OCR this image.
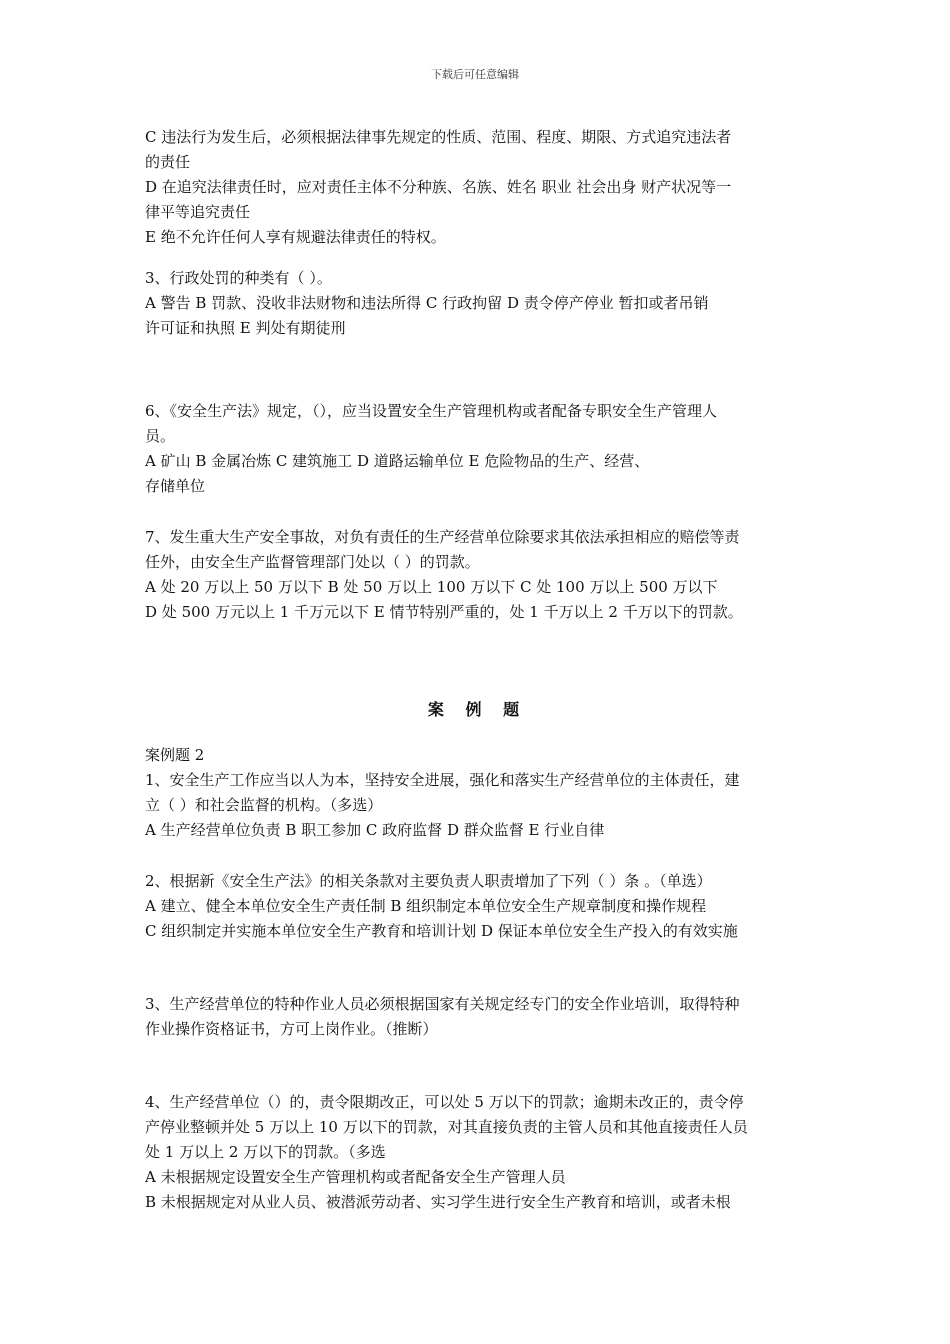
下载后可任意编辑
C 违法行为发生后，必须根据法律事先规定的性质、范围、程度、期限、方式追究违法者
的责任
D 在追究法律责任时，应对责任主体不分种族、名族、姓名 职业 社会出身 财产状况等一
律平等追究责任
E 绝不允许任何人享有规避法律责任的特权。
3、行政处罚的种类有（ ）。
A 警告 B 罚款、没收非法财物和违法所得 C 行政拘留 D 责令停产停业 暂扣或者吊销
许可证和执照 E 判处有期徒刑
6、《安全生产法》规定，（），应当设置安全生产管理机构或者配备专职安全生产管理人
员。
A 矿山 B 金属冶炼 C 建筑施工 D 道路运输单位 E 危险物品的生产、经营、
存储单位
7、发生重大生产安全事故，对负有责任的生产经营单位除要求其依法承担相应的赔偿等责
任外，由安全生产监督管理部门处以（ ）的罚款。
A 处 20 万以上 50 万以下 B 处 50 万以上 100 万以下 C 处 100 万以上 500 万以下
D 处 500 万元以上 1 千万元以下 E 情节特别严重的，处 1 千万以上 2 千万以下的罚款。
案 例 题
案例题 2
1、安全生产工作应当以人为本，坚持安全进展，强化和落实生产经营单位的主体责任，建
立（ ）和社会监督的机构。（多选）
A 生产经营单位负责 B 职工参加 C 政府监督 D 群众监督 E 行业自律
2、根据新《安全生产法》的相关条款对主要负责人职责增加了下列（ ）条 。（单选）
A 建立、健全本单位安全生产责任制 B 组织制定本单位安全生产规章制度和操作规程
C 组织制定并实施本单位安全生产教育和培训计划 D 保证本单位安全生产投入的有效实施
3、生产经营单位的特种作业人员必须根据国家有关规定经专门的安全作业培训，取得特种
作业操作资格证书，方可上岗作业。（推断）
4、生产经营单位（）的，责令限期改正，可以处 5 万以下的罚款；逾期未改正的，责令停
产停业整顿并处 5 万以上 10 万以下的罚款，对其直接负责的主管人员和其他直接责任人员
处 1 万以上 2 万以下的罚款。（多选
A 未根据规定设置安全生产管理机构或者配备安全生产管理人员
B 未根据规定对从业人员、被潜派劳动者、实习学生进行安全生产教育和培训，或者未根
